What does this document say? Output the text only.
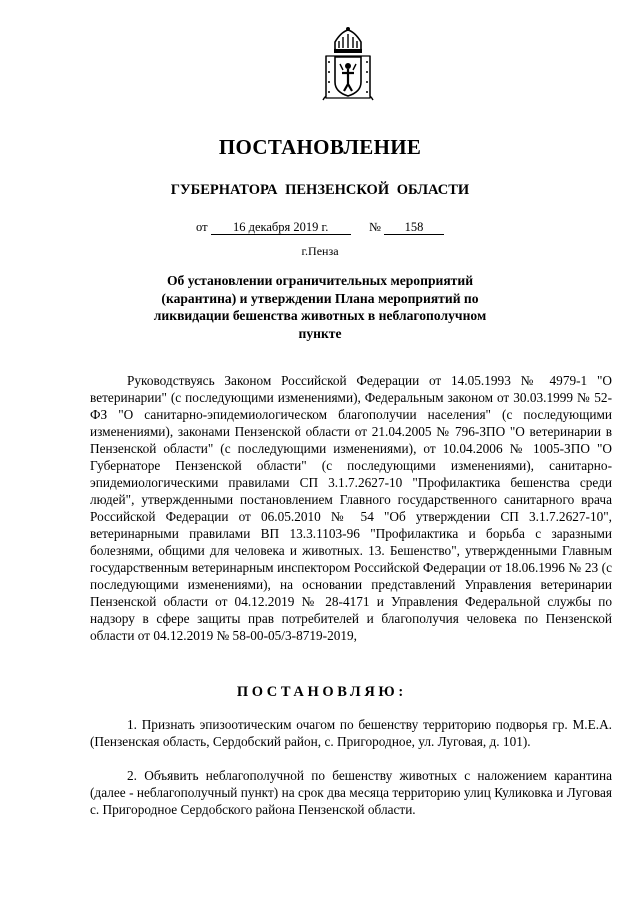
ПОСТАНОВЛЕНИЕ
ГУБЕРНАТОРА ПЕНЗЕНСКОЙ ОБЛАСТИ
от 16 декабря 2019 г.	№ 158
г.Пенза
Об установлении ограничительных мероприятий (карантина) и утверждении Плана мероприятий по ликвидации бешенства животных в неблагополучном пункте

Руководствуясь Законом Российской Федерации от 14.05.1993 № 4979-1 "О ветеринарии" (с последующими изменениями), Федеральным законом от 30.03.1999 № 52-ФЗ "О санитарно-эпидемиологическом благополучии населения" (с последующими изменениями), законами Пензенской области от 21.04.2005 № 796-ЗПО "О ветеринарии в Пензенской области" (с последующими изменениями), от 10.04.2006 № 1005-ЗПО "О Губернаторе Пензенской области" (с последующими изменениями), санитарно-эпидемиологическими правилами СП 3.1.7.2627-10 "Профилактика бешенства среди людей", утвержденными постановлением Главного государственного санитарного врача Российской Федерации от 06.05.2010 № 54 "Об утверждении СП 3.1.7.2627-10", ветеринарными правилами ВП 13.3.1103-96 "Профилактика и борьба с заразными болезнями, общими для человека и животных. 13. Бешенство", утвержденными Главным государственным ветеринарным инспектором Российской Федерации от 18.06.1996 № 23 (с последующими изменениями), на основании представлений Управления ветеринарии Пензенской области от 04.12.2019 № 28-4171 и Управления Федеральной службы по надзору в сфере защиты прав потребителей и благополучия человека по Пензенской области от 04.12.2019 № 58-00-05/3-8719-2019,

ПОСТАНОВЛЯЮ:

1. Признать эпизоотическим очагом по бешенству территорию подворья гр. М.Е.А. (Пензенская область, Сердобский район, с. Пригородное, ул. Луговая, д. 101).

2. Объявить неблагополучной по бешенству животных с наложением карантина (далее - неблагополучный пункт) на срок два месяца территорию улиц Куликовка и Луговая с. Пригородное Сердобского района Пензенской области.
